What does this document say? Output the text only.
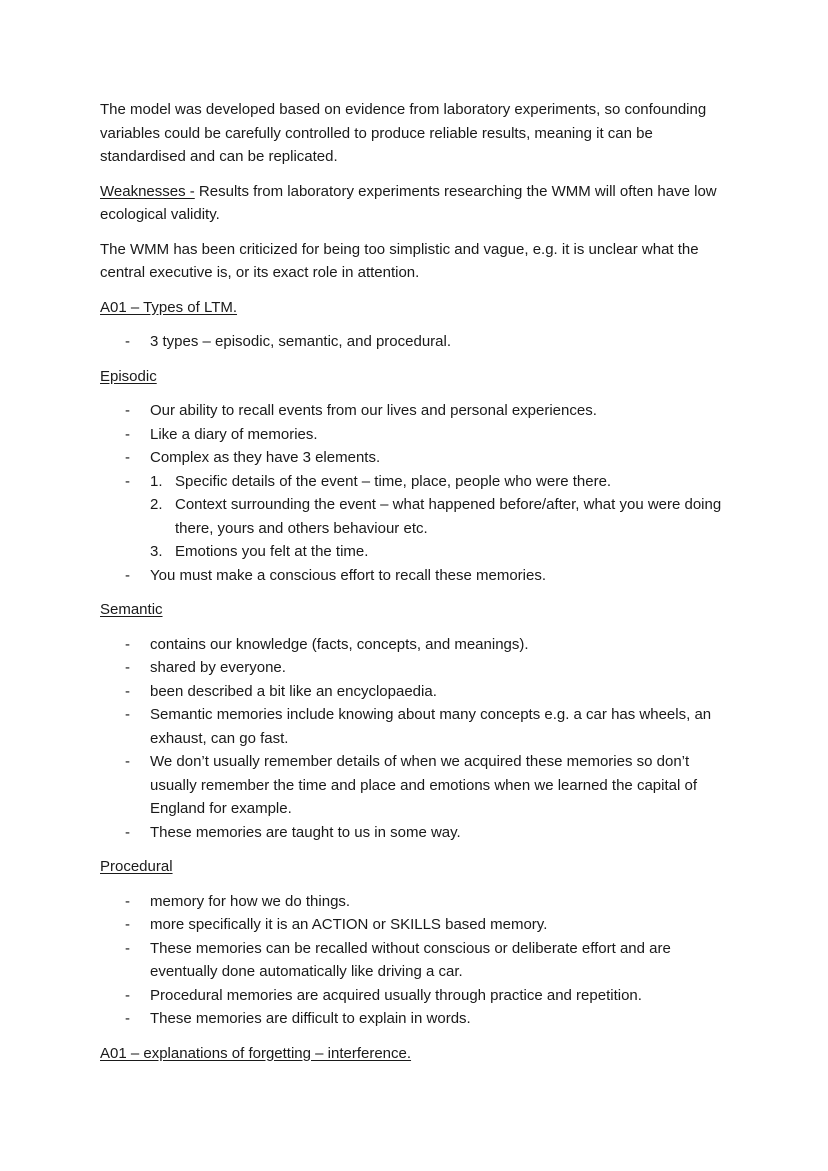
The model was developed based on evidence from laboratory experiments, so confounding variables could be carefully controlled to produce reliable results, meaning it can be standardised and can be replicated.

Weaknesses - Results from laboratory experiments researching the WMM will often have low ecological validity.

The WMM has been criticized for being too simplistic and vague, e.g. it is unclear what the central executive is, or its exact role in attention.

A01 – Types of LTM.
- 3 types – episodic, semantic, and procedural.
Episodic
- Our ability to recall events from our lives and personal experiences.
- Like a diary of memories.
- Complex as they have 3 elements.
- 1. Specific details of the event – time, place, people who were there.
2. Context surrounding the event – what happened before/after, what you were doing there, yours and others behaviour etc.
3. Emotions you felt at the time.
- You must make a conscious effort to recall these memories.
Semantic
- contains our knowledge (facts, concepts, and meanings).
- shared by everyone.
- been described a bit like an encyclopaedia.
- Semantic memories include knowing about many concepts e.g. a car has wheels, an exhaust, can go fast.
- We don’t usually remember details of when we acquired these memories so don’t usually remember the time and place and emotions when we learned the capital of England for example.
- These memories are taught to us in some way.
Procedural
- memory for how we do things.
- more specifically it is an ACTION or SKILLS based memory.
- These memories can be recalled without conscious or deliberate effort and are eventually done automatically like driving a car.
- Procedural memories are acquired usually through practice and repetition.
- These memories are difficult to explain in words.
A01 – explanations of forgetting – interference.
